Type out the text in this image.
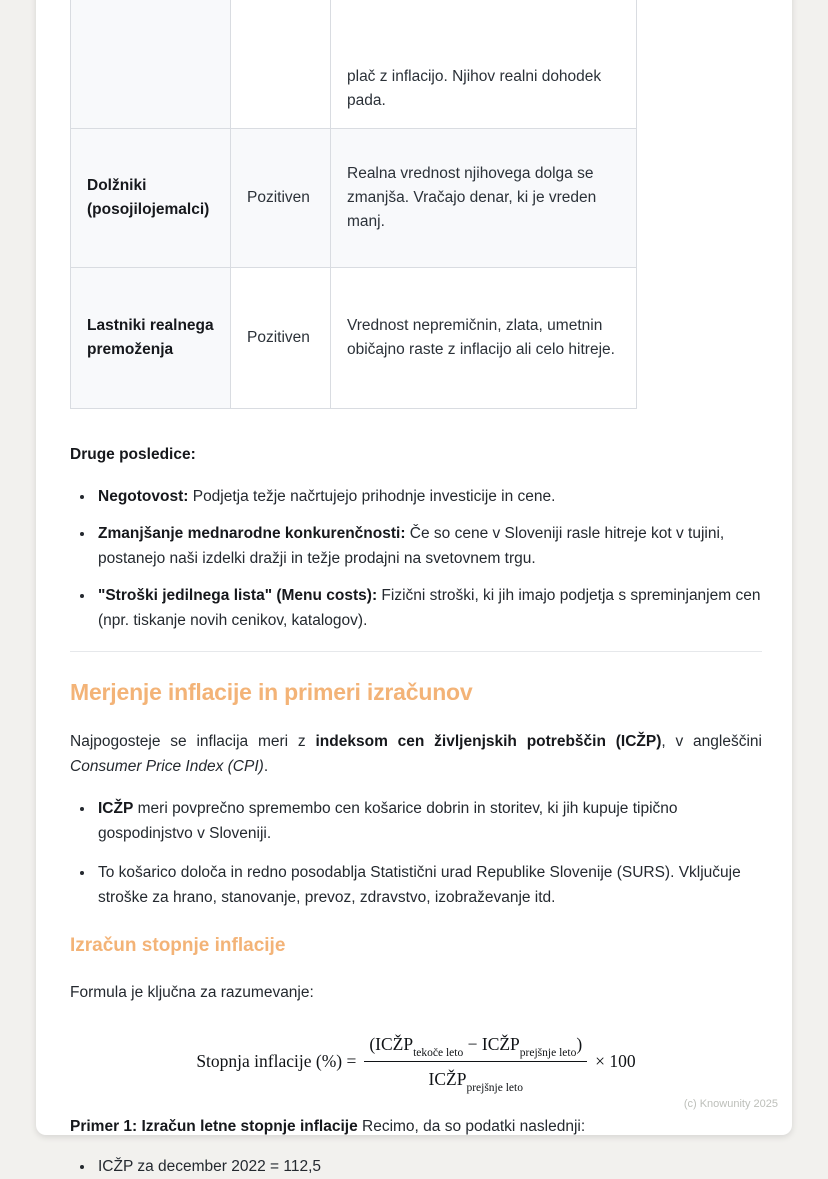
		plač z inflacijo. Njihov realni dohodek pada.
Dolžniki (posojilojemalci)	Pozitiven	Realna vrednost njihovega dolga se zmanjša. Vračajo denar, ki je vreden manj.
Lastniki realnega premoženja	Pozitiven	Vrednost nepremičnin, zlata, umetnin običajno raste z inflacijo ali celo hitreje.

Druge posledice:

• Negotovost: Podjetja težje načrtujejo prihodnje investicije in cene.
• Zmanjšanje mednarodne konkurenčnosti: Če so cene v Sloveniji rasle hitreje kot v tujini, postanejo naši izdelki dražji in težje prodajni na svetovnem trgu.
• "Stroški jedilnega lista" (Menu costs): Fizični stroški, ki jih imajo podjetja s spreminjanjem cen (npr. tiskanje novih cenikov, katalogov).
Merjenje inflacije in primeri izračunov

Najpogosteje se inflacija meri z indeksom cen življenjskih potrebščin (ICŽP), v angleščini Consumer Price Index (CPI).

• ICŽP meri povprečno spremembo cen košarice dobrin in storitev, ki jih kupuje tipično gospodinjstvo v Sloveniji.
• To košarico določa in redno posodablja Statistični urad Republike Slovenije (SURS). Vključuje stroške za hrano, stanovanje, prevoz, zdravstvo, izobraževanje itd.
Izračun stopnje inflacije

Formula je ključna za razumevanje:

Stopnja inflacije (%) = $\frac{(ICŽP_{tekoče leto} - ICŽP_{prejšnje leto})}{ICŽP_{prejšnje leto}} \times 100$

Primer 1: Izračun letne stopnje inflacije Recimo, da so podatki naslednji:

• ICŽP za december 2022 = 112,5
(c) Knowunity 2025
